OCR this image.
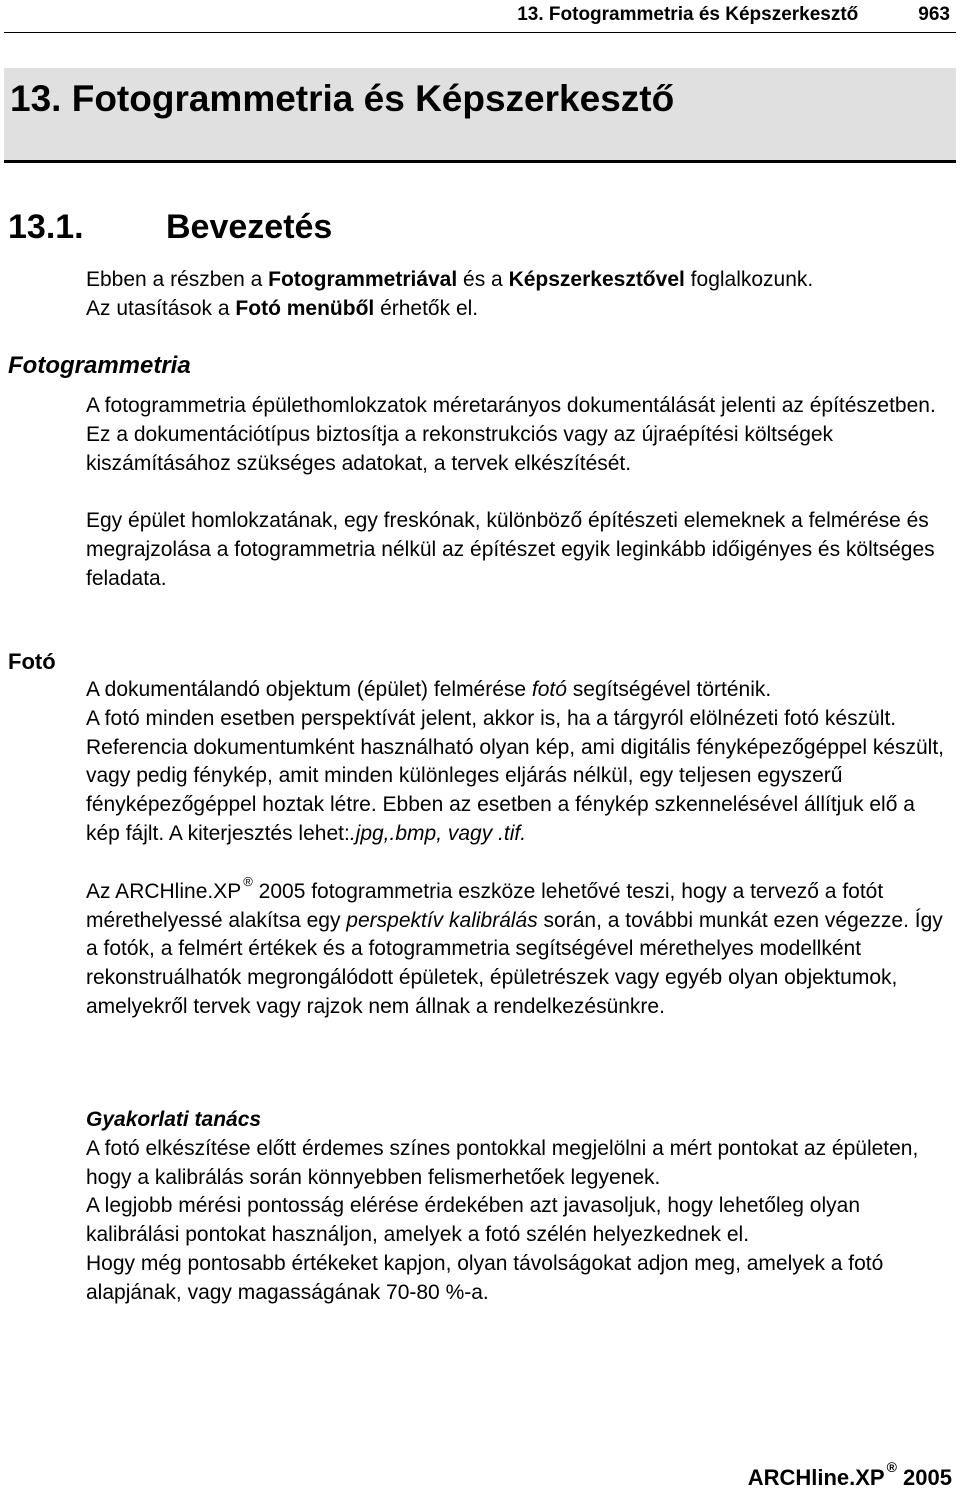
13. Fotogrammetria és Képszerkesztő	963
13. Fotogrammetria és Képszerkesztő
13.1. Bevezetés

Ebben a részben a Fotogrammetriával és a Képszerkesztővel foglalkozunk.

Az utasítások a Fotó menüből érhetők el.

Fotogrammetria

A fotogrammetria épülethomlokzatok méretarányos dokumentálását jelenti az építészetben.

Ez a dokumentációtípus biztosítja a rekonstrukciós vagy az újraépítési költségek kiszámításához szükséges adatokat, a tervek elkészítését.

Egy épület homlokzatának, egy freskónak, különböző építészeti elemeknek a felmérése és megrajzolása a fotogrammetria nélkül az építészet egyik leginkább időigényes és költséges feladata.

Fotó

A dokumentálandó objektum (épület) felmérése fotó segítségével történik.

A fotó minden esetben perspektívát jelent, akkor is, ha a tárgyról elölnézeti fotó készült. Referencia dokumentumként használható olyan kép, ami digitális fényképezőgéppel készült, vagy pedig fénykép, amit minden különleges eljárás nélkül, egy teljesen egyszerű fényképezőgéppel hoztak létre. Ebben az esetben a fénykép szkennelésével állítjuk elő a kép fájlt. A kiterjesztés lehet:.jpg,.bmp, vagy .tif.

Az ARCHline.XP ® 2005 fotogrammetria eszköze lehetővé teszi, hogy a tervező a fotót mérethelyessé alakítsa egy perspektív kalibrálás során, a további munkát ezen végezze. Így a fotók, a felmért értékek és a fotogrammetria segítségével mérethelyes modellként rekonstruálhatók megrongálódott épületek, épületrészek vagy egyéb olyan objektumok, amelyekről tervek vagy rajzok nem állnak a rendelkezésünkre.

Gyakorlati tanács

A fotó elkészítése előtt érdemes színes pontokkal megjelölni a mért pontokat az épületen, hogy a kalibrálás során könnyebben felismerhetőek legyenek.

A legjobb mérési pontosság elérése érdekében azt javasoljuk, hogy lehetőleg olyan kalibrálási pontokat használjon, amelyek a fotó szélén helyezkednek el.

Hogy még pontosabb értékeket kapjon, olyan távolságokat adjon meg, amelyek a fotó alapjának, vagy magasságának 70-80 %-a.

ARCHline.XP ® 2005
